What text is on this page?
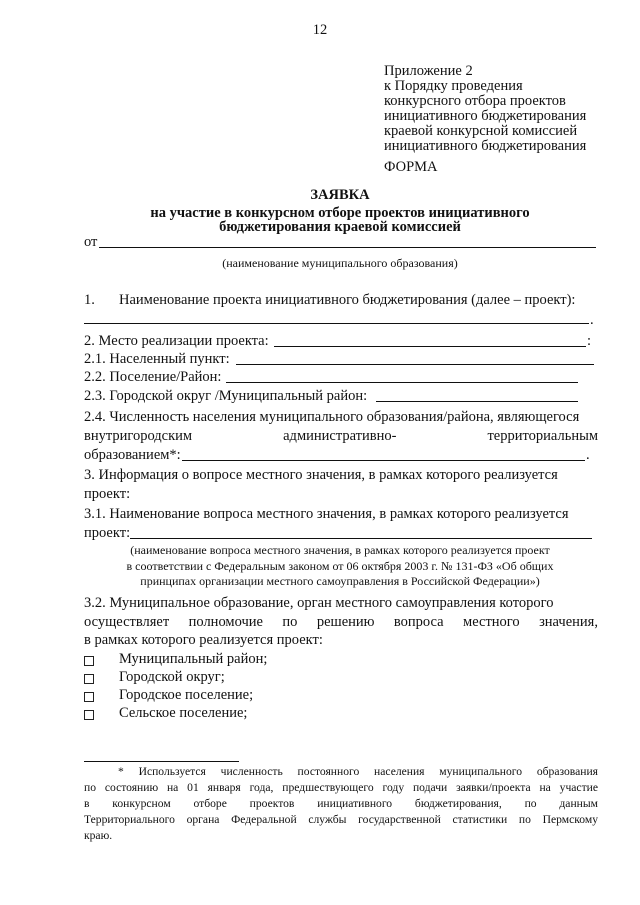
12
Приложение 2
к Порядку проведения
конкурсного отбора проектов
инициативного бюджетирования
краевой конкурсной комиссией
инициативного бюджетирования
ФОРМА
ЗАЯВКА
на участие в конкурсном отборе проектов инициативного
бюджетирования краевой комиссией
от
(наименование муниципального образования)
1. Наименование проекта инициативного бюджетирования (далее – проект):
.
2. Место реализации проекта:	:
2.1. Населенный пункт:
2.2. Поселение/Район:
2.3. Городской округ /Муниципальный район:
2.4. Численность населения муниципального образования/района, являющегося
внутригородским	административно-	территориальным
образованием*:	.
3. Информация о вопросе местного значения, в рамках которого реализуется
проект:
3.1. Наименование вопроса местного значения, в рамках которого реализуется
проект:
(наименование вопроса местного значения, в рамках которого реализуется проект
в соответствии с Федеральным законом от 06 октября 2003 г. № 131-ФЗ «Об общих
принципах организации местного самоуправления в Российской Федерации»)
3.2. Муниципальное образование, орган местного самоуправления которого
осуществляет полномочие по решению вопроса местного значения,
в рамках которого реализуется проект:
Муниципальный район;
Городской округ;
Городское поселение;
Сельское поселение;
* Используется численность постоянного населения муниципального образования
по состоянию на 01 января года, предшествующего году подачи заявки/проекта на участие
в конкурсном отборе проектов инициативного бюджетирования, по данным
Территориального органа Федеральной службы государственной статистики по Пермскому
краю.
